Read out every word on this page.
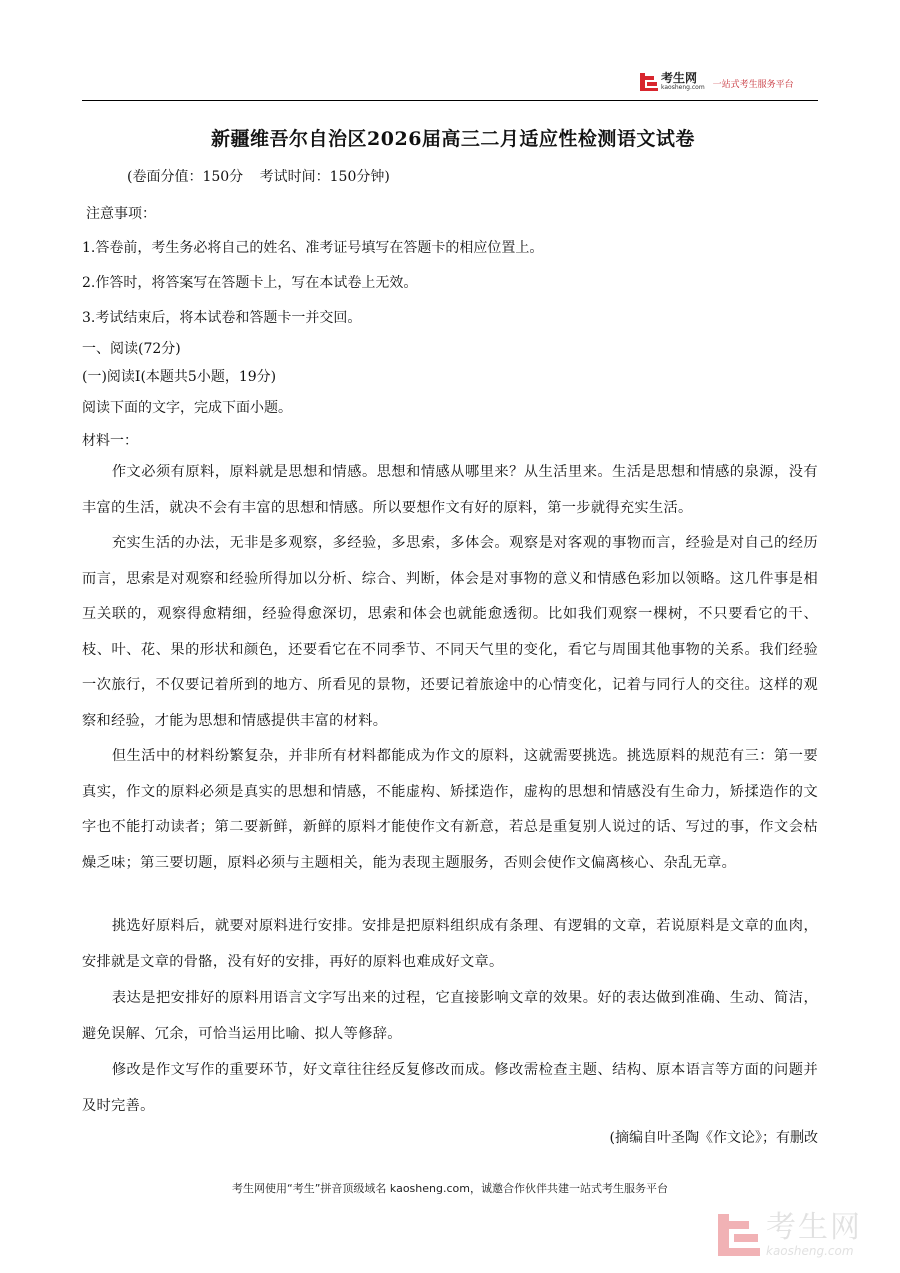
考生网
kaosheng.com 一站式考生服务平台
新疆维吾尔自治区2026届高三二月适应性检测语文试卷
(卷面分值：150分 考试时间：150分钟)
注意事项：
1.答卷前，考生务必将自己的姓名、准考证号填写在答题卡的相应位置上。
2.作答时，将答案写在答题卡上，写在本试卷上无效。
3.考试结束后，将本试卷和答题卡一并交回。
一、阅读(72分)
(一)阅读Ⅰ(本题共5小题，19分)
阅读下面的文字，完成下面小题。
材料一：
作文必须有原料，原料就是思想和情感。思想和情感从哪里来？从生活里来。生活是思想和情感的泉源，没有丰富的生活，就决不会有丰富的思想和情感。所以要想作文有好的原料，第一步就得充实生活。
充实生活的办法，无非是多观察，多经验，多思索，多体会。观察是对客观的事物而言，经验是对自己的经历而言，思索是对观察和经验所得加以分析、综合、判断，体会是对事物的意义和情感色彩加以领略。这几件事是相互关联的，观察得愈精细，经验得愈深切，思索和体会也就能愈透彻。比如我们观察一棵树，不只要看它的干、枝、叶、花、果的形状和颜色，还要看它在不同季节、不同天气里的变化，看它与周围其他事物的关系。我们经验一次旅行，不仅要记着所到的地方、所看见的景物，还要记着旅途中的心情变化，记着与同行人的交往。这样的观察和经验，才能为思想和情感提供丰富的材料。
但生活中的材料纷繁复杂，并非所有材料都能成为作文的原料，这就需要挑选。挑选原料的规范有三：第一要真实，作文的原料必须是真实的思想和情感，不能虚构、矫揉造作，虚构的思想和情感没有生命力，矫揉造作的文字也不能打动读者；第二要新鲜，新鲜的原料才能使作文有新意，若总是重复别人说过的话、写过的事，作文会枯燥乏味；第三要切题，原料必须与主题相关，能为表现主题服务，否则会使作文偏离核心、杂乱无章。
挑选好原料后，就要对原料进行安排。安排是把原料组织成有条理、有逻辑的文章，若说原料是文章的血肉，安排就是文章的骨骼，没有好的安排，再好的原料也难成好文章。
表达是把安排好的原料用语言文字写出来的过程，它直接影响文章的效果。好的表达做到准确、生动、简洁，避免误解、冗余，可恰当运用比喻、拟人等修辞。
修改是作文写作的重要环节，好文章往往经反复修改而成。修改需检查主题、结构、原本语言等方面的问题并及时完善。
(摘编自叶圣陶《作文论》；有删改
考生网使用“考生”拼音顶级域名 kaosheng.com，诚邀合作伙伴共建一站式考生服务平台
考生网
kaosheng.com
